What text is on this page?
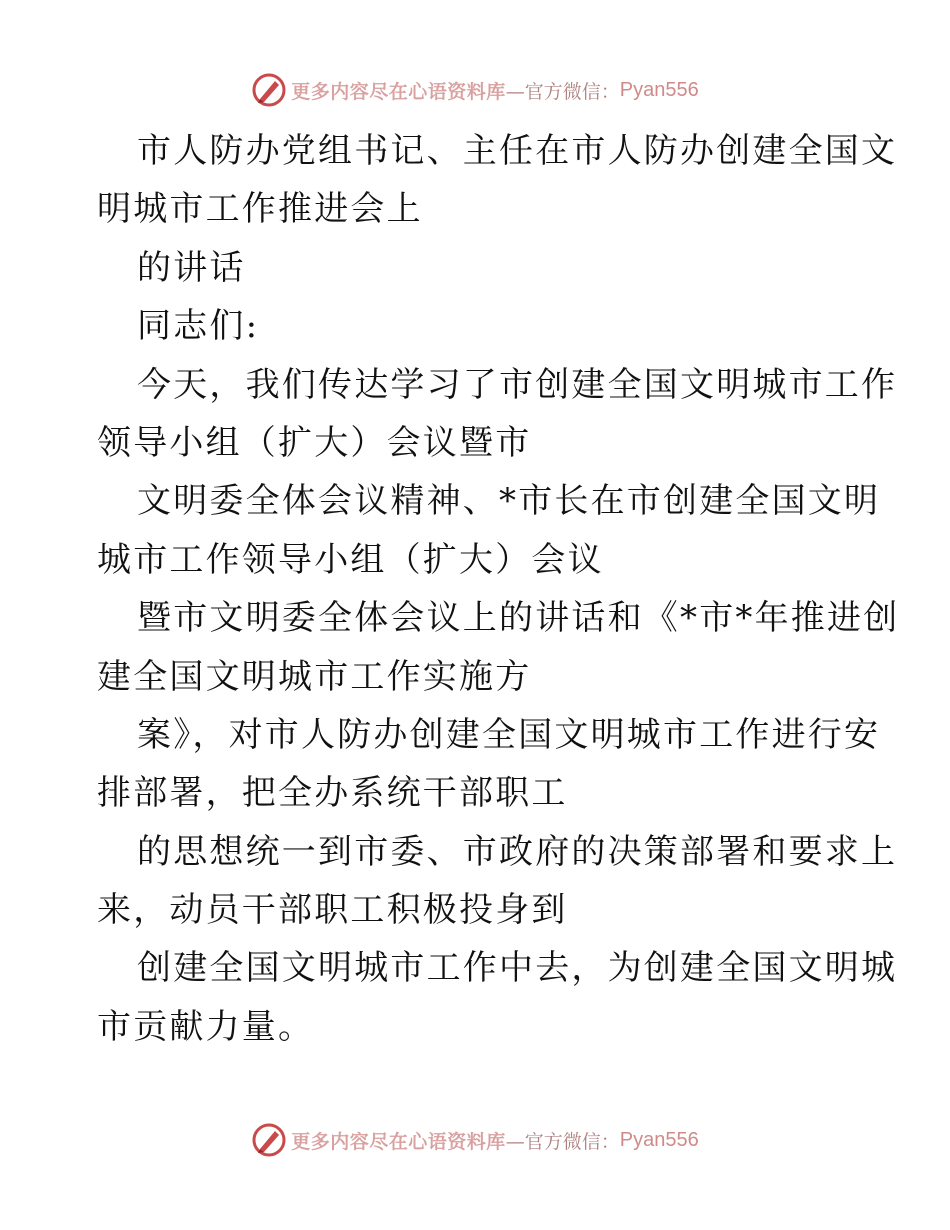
更多内容尽在心语资料库 —官方微信： Pyan556
市人防办党组书记、主任在市人防办创建全国文
明城市工作推进会上
的讲话
同志们:
今天，我们传达学习了市创建全国文明城市工作
领导小组（扩大）会议暨市
文明委全体会议精神、*市长在市创建全国文明
城市工作领导小组（扩大）会议
暨市文明委全体会议上的讲话和《*市*年推进创
建全国文明城市工作实施方
案》，对市人防办创建全国文明城市工作进行安
排部署，把全办系统干部职工
的思想统一到市委、市政府的决策部署和要求上
来，动员干部职工积极投身到
创建全国文明城市工作中去，为创建全国文明城
市贡献力量。
更多内容尽在心语资料库 —官方微信： Pyan556
